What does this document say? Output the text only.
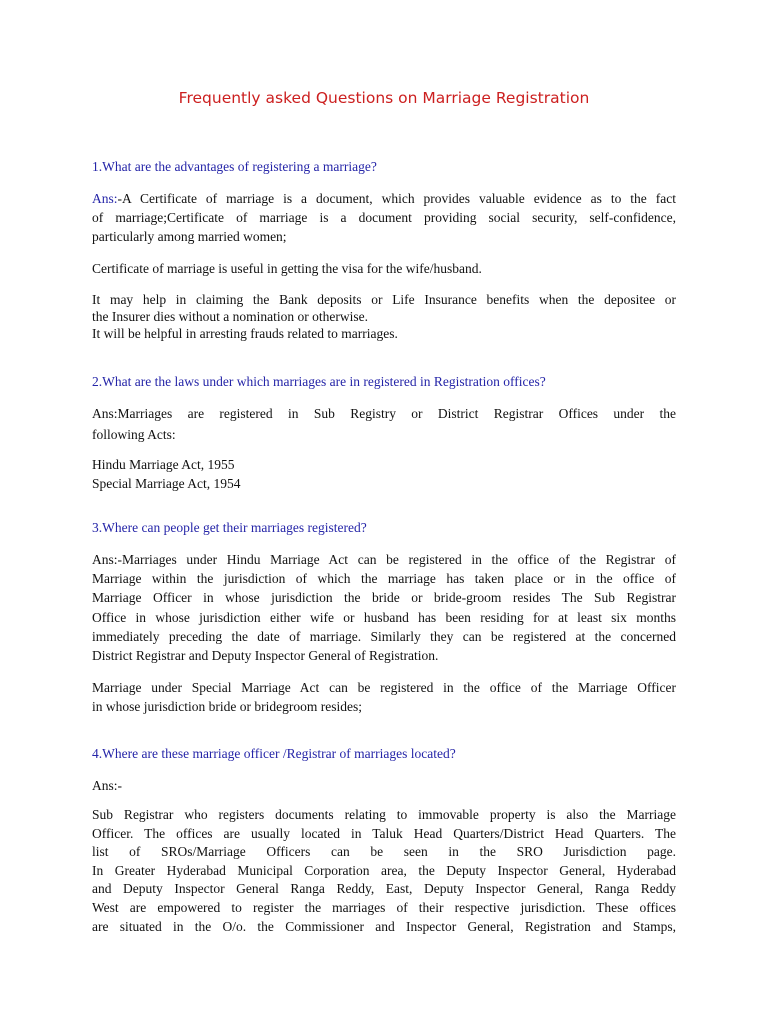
Frequently asked Questions on Marriage Registration
1.What are the advantages of registering a marriage?
Ans:-A Certificate of marriage is a document, which provides valuable evidence as to the fact
of marriage;Certificate of marriage is a document providing social security, self-confidence,
particularly among married women;
Certificate of marriage is useful in getting the visa for the wife/husband.
It may help in claiming the Bank deposits or Life Insurance benefits when the depositee or
the Insurer dies without a nomination or otherwise.
It will be helpful in arresting frauds related to marriages.
2.What are the laws under which marriages are in registered in Registration offices?
Ans:Marriages are registered in Sub Registry or District Registrar Offices under the
following Acts:
Hindu Marriage Act, 1955
Special Marriage Act, 1954
3.Where can people get their marriages registered?
Ans:-Marriages under Hindu Marriage Act can be registered in the office of the Registrar of
Marriage within the jurisdiction of which the marriage has taken place or in the office of
Marriage Officer in whose jurisdiction the bride or bride-groom resides The Sub Registrar
Office in whose jurisdiction either wife or husband has been residing for at least six months
immediately preceding the date of marriage. Similarly they can be registered at the concerned
District Registrar and Deputy Inspector General of Registration.
Marriage under Special Marriage Act can be registered in the office of the Marriage Officer
in whose jurisdiction bride or bridegroom resides;
4.Where are these marriage officer /Registrar of marriages located?
Ans:-
Sub Registrar who registers documents relating to immovable property is also the Marriage
Officer. The offices are usually located in Taluk Head Quarters/District Head Quarters. The
list of SROs/Marriage Officers can be seen in the SRO Jurisdiction page.
In Greater Hyderabad Municipal Corporation area, the Deputy Inspector General, Hyderabad
and Deputy Inspector General Ranga Reddy, East, Deputy Inspector General, Ranga Reddy
West are empowered to register the marriages of their respective jurisdiction. These offices
are situated in the O/o. the Commissioner and Inspector General, Registration and Stamps,
